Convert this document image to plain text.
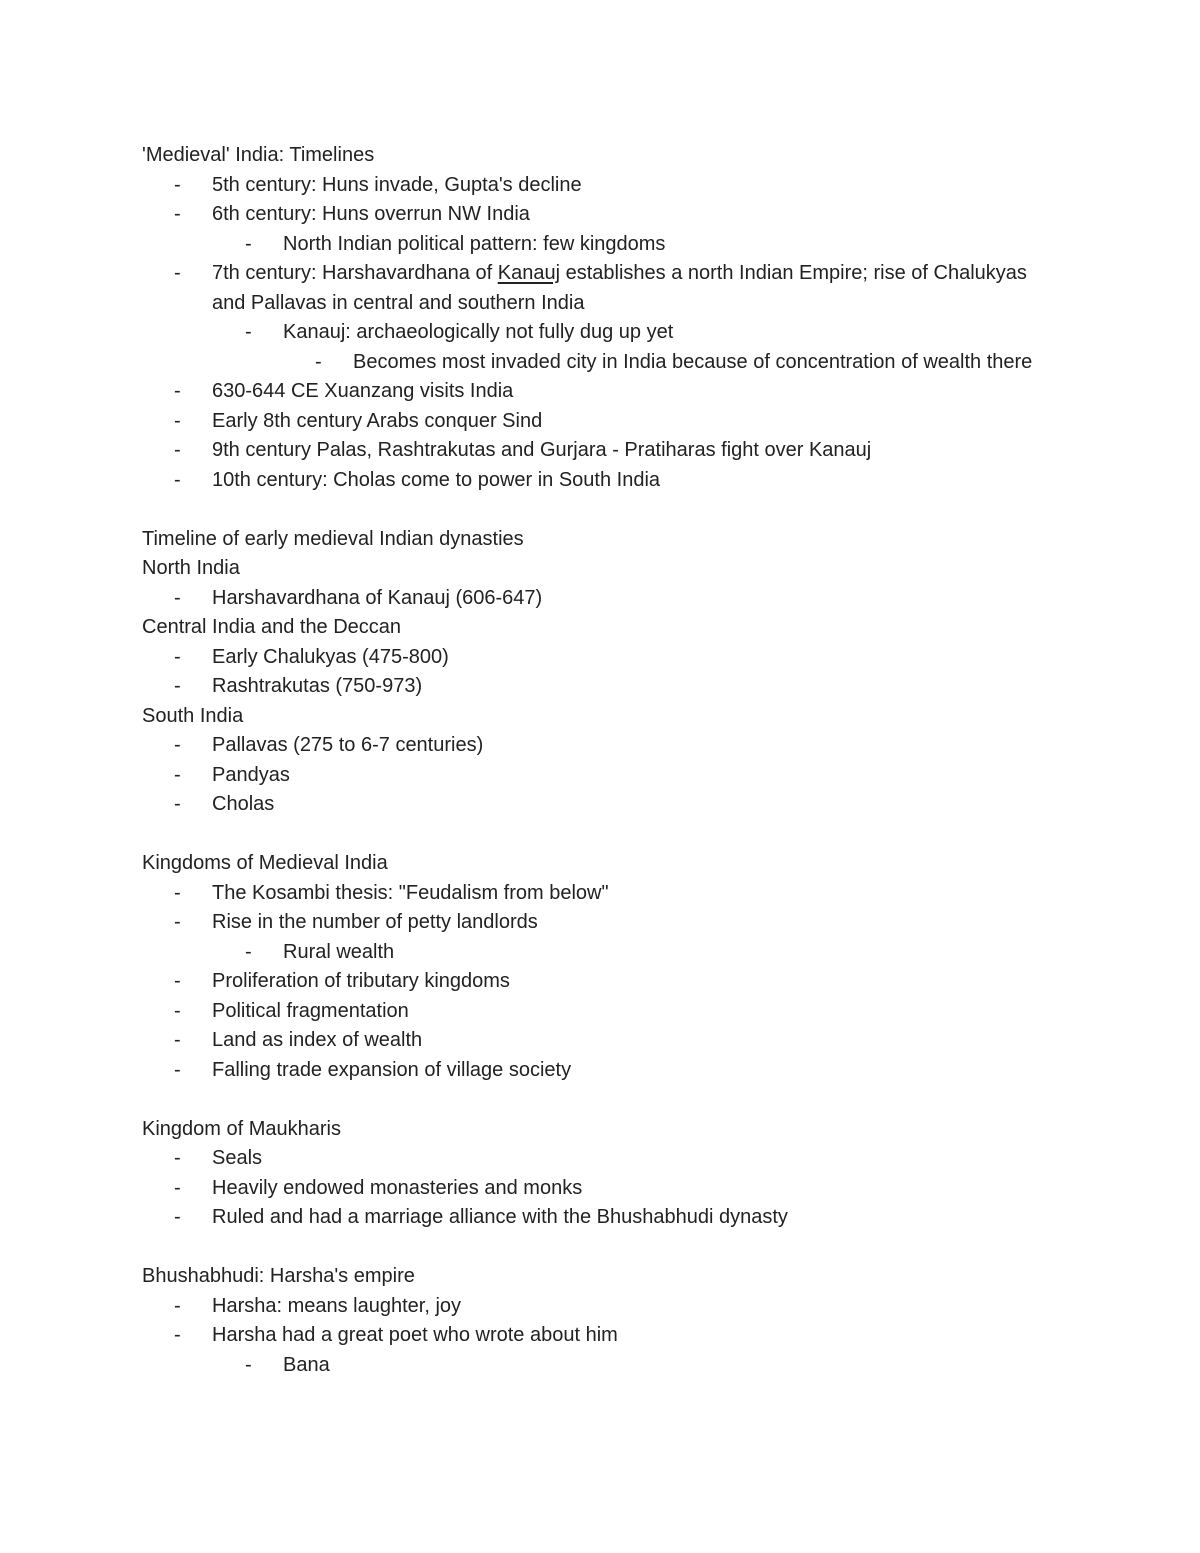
'Medieval' India: Timelines
-	5th century: Huns invade, Gupta's decline
-	6th century: Huns overrun NW India
-	North Indian political pattern: few kingdoms
-	7th century: Harshavardhana of Kanauj establishes a north Indian Empire; rise of Chalukyas and Pallavas in central and southern India
-	Kanauj: archaeologically not fully dug up yet
-	Becomes most invaded city in India because of concentration of wealth there
-	630-644 CE Xuanzang visits India
-	Early 8th century Arabs conquer Sind
-	9th century Palas, Rashtrakutas and Gurjara - Pratiharas fight over Kanauj
-	10th century: Cholas come to power in South India
Timeline of early medieval Indian dynasties
North India
-	Harshavardhana of Kanauj (606-647)
Central India and the Deccan
-	Early Chalukyas (475-800)
-	Rashtrakutas (750-973)
South India
-	Pallavas (275 to 6-7 centuries)
-	Pandyas
-	Cholas
Kingdoms of Medieval India
-	The Kosambi thesis: "Feudalism from below"
-	Rise in the number of petty landlords
-	Rural wealth
-	Proliferation of tributary kingdoms
-	Political fragmentation
-	Land as index of wealth
-	Falling trade expansion of village society
Kingdom of Maukharis
-	Seals
-	Heavily endowed monasteries and monks
-	Ruled and had a marriage alliance with the Bhushabhudi dynasty
Bhushabhudi: Harsha's empire
-	Harsha: means laughter, joy
-	Harsha had a great poet who wrote about him
-	Bana
